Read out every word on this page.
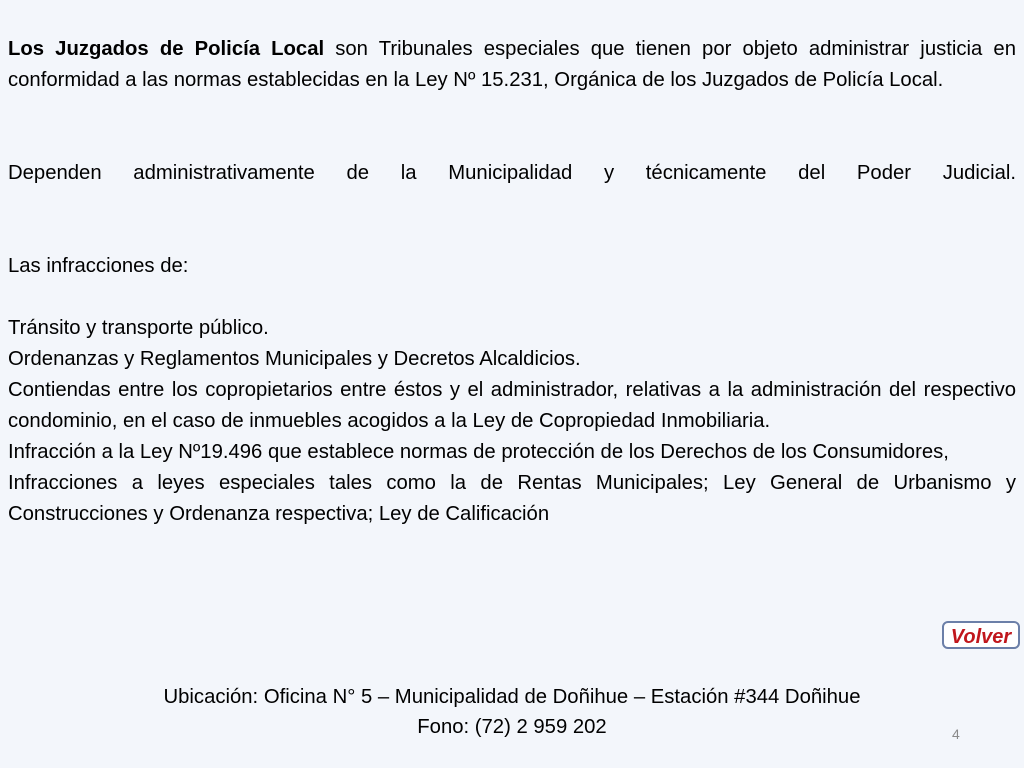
Los Juzgados de Policía Local son Tribunales especiales que tienen por objeto administrar justicia en conformidad a las normas establecidas en la Ley Nº 15.231, Orgánica de los Juzgados de Policía Local.

Dependen administrativamente de la Municipalidad y técnicamente del Poder Judicial.

Las infracciones de:

Tránsito y transporte público.

Ordenanzas y Reglamentos Municipales y Decretos Alcaldicios.

Contiendas entre los copropietarios entre éstos y el administrador, relativas a la administración del respectivo condominio, en el caso de inmuebles acogidos a la Ley de Copropiedad Inmobiliaria.

Infracción a la Ley Nº19.496 que establece normas de protección de los Derechos de los Consumidores,

Infracciones a leyes especiales tales como la de Rentas Municipales; Ley General de Urbanismo y Construcciones y Ordenanza respectiva; Ley de Calificación

Volver
Ubicación: Oficina N° 5 – Municipalidad de Doñihue – Estación #344 Doñihue
Fono: (72) 2 959 202	4
